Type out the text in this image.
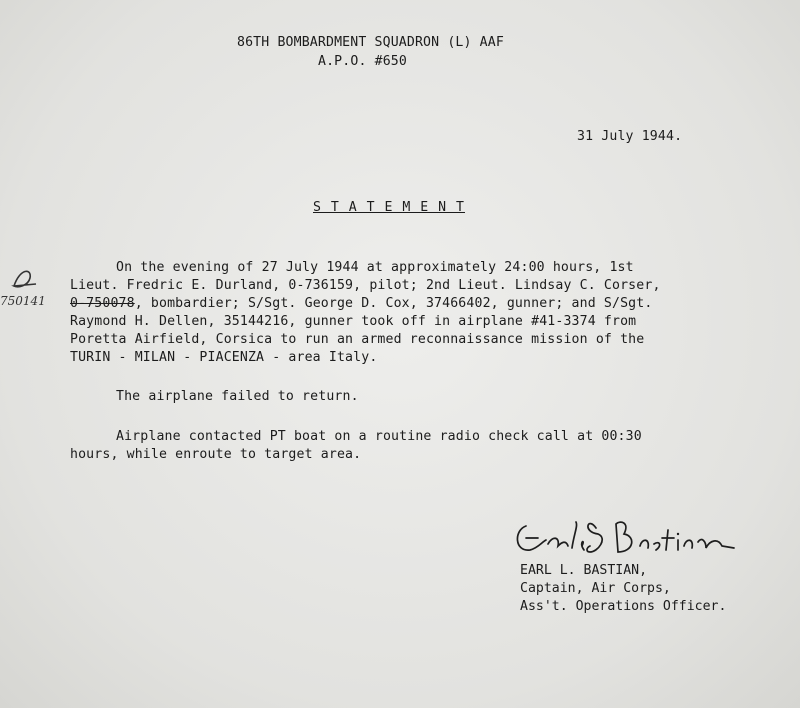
86TH BOMBARDMENT SQUADRON (L) AAF
A.P.O. #650
31 July 1944.
S T A T E M E N T
750141
On the evening of 27 July 1944 at approximately 24:00 hours, 1st
Lieut. Fredric E. Durland, 0-736159, pilot; 2nd Lieut. Lindsay C. Corser,
0-750078, bombardier; S/Sgt. George D. Cox, 37466402, gunner; and S/Sgt.
Raymond H. Dellen, 35144216, gunner took off in airplane #41-3374 from
Poretta Airfield, Corsica to run an armed reconnaissance mission of the
TURIN - MILAN - PIACENZA - area Italy.
The airplane failed to return.
Airplane contacted PT boat on a routine radio check call at 00:30
hours, while enroute to target area.
EARL L. BASTIAN,
Captain, Air Corps,
Ass't. Operations Officer.
